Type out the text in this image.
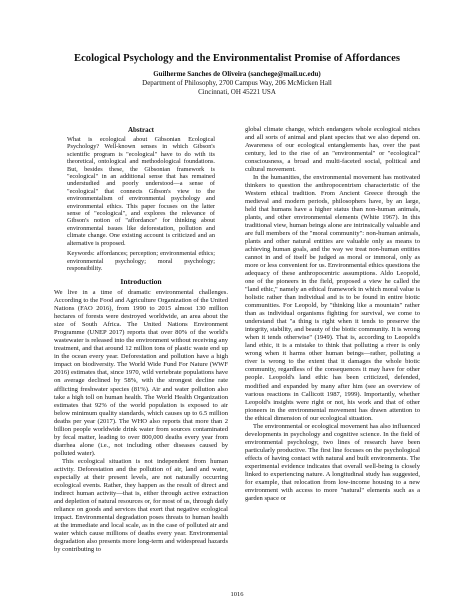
Ecological Psychology and the Environmentalist Promise of Affordances
Guilherme Sanches de Oliveira (sanchege@mail.uc.edu)
Department of Philosophy, 2700 Campus Way, 206 McMicken Hall
Cincinnati, OH 45221 USA
Abstract

What is ecological about Gibsonian Ecological Psychology? Well-known senses in which Gibson's scientific program is "ecological" have to do with its theoretical, ontological and methodological foundations. But, besides these, the Gibsonian framework is "ecological" in an additional sense that has remained understudied and poorly understood—a sense of "ecological" that connects Gibson's view to the environmentalism of environmental psychology and environmental ethics. This paper focuses on the latter sense of "ecological", and explores the relevance of Gibson's notion of "affordance" for thinking about environmental issues like deforestation, pollution and climate change. One existing account is criticized and an alternative is proposed.

Keywords: affordances; perception; environmental ethics; environmental psychology; moral psychology; responsibility.
Introduction

We live in a time of dramatic environmental challenges. According to the Food and Agriculture Organization of the United Nations (FAO 2016), from 1990 to 2015 almost 130 million hectares of forests were destroyed worldwide, an area about the size of South Africa. The United Nations Environment Programme (UNEP 2017) reports that over 80% of the world's wastewater is released into the environment without receiving any treatment, and that around 12 million tons of plastic waste end up in the ocean every year. Deforestation and pollution have a high impact on biodiversity. The World Wide Fund For Nature (WWF 2016) estimates that, since 1970, wild vertebrate populations have on average declined by 58%, with the strongest decline rate afflicting freshwater species (81%). Air and water pollution also take a high toll on human health. The World Health Organization estimates that 92% of the world population is exposed to air below minimum quality standards, which causes up to 6.5 million deaths per year (2017). The WHO also reports that more than 2 billion people worldwide drink water from sources contaminated by fecal matter, leading to over 800,000 deaths every year from diarrhea alone (i.e., not including other diseases caused by polluted water).

This ecological situation is not independent from human activity. Deforestation and the pollution of air, land and water, especially at their present levels, are not naturally occurring ecological events. Rather, they happen as the result of direct and indirect human activity—that is, either through active extraction and depletion of natural resources or, for most of us, through daily reliance on goods and services that exert that negative ecological impact. Environmental degradation poses threats to human health at the immediate and local scale, as in the case of polluted air and water which cause millions of deaths every year. Environmental degradation also presents more long-term and widespread hazards by contributing to

global climate change, which endangers whole ecological niches and all sorts of animal and plant species that we also depend on. Awareness of our ecological entanglements has, over the past century, led to the rise of an "environmental" or "ecological" consciousness, a broad and multi-faceted social, political and cultural movement.

In the humanities, the environmental movement has motivated thinkers to question the anthropocentrism characteristic of the Western ethical tradition. From Ancient Greece through the medieval and modern periods, philosophers have, by an large, held that humans have a higher status than non-human animals, plants, and other environmental elements (White 1967). In this traditional view, human beings alone are intrinsically valuable and are full members of the "moral community": non-human animals, plants and other natural entities are valuable only as means to achieving human goals, and the way we treat non-human entities cannot in and of itself be judged as moral or immoral, only as more or less convenient for us. Environmental ethics questions the adequacy of these anthropocentric assumptions. Aldo Leopold, one of the pioneers in the field, proposed a view he called the "land ethic," namely an ethical framework in which moral value is holistic rather than individual and is to be found in entire biotic communities. For Leopold, by "thinking like a mountain" rather than as individual organisms fighting for survival, we come to understand that "a thing is right when it tends to preserve the integrity, stability, and beauty of the biotic community. It is wrong when it tends otherwise" (1949). That is, according to Leopold's land ethic, it is a mistake to think that polluting a river is only wrong when it harms other human beings—rather, polluting a river is wrong to the extent that it damages the whole biotic community, regardless of the consequences it may have for other people. Leopold's land ethic has been criticized, defended, modified and expanded by many after him (see an overview of various reactions in Callicott 1987, 1999). Importantly, whether Leopold's insights were right or not, his work and that of other pioneers in the environmental movement has drawn attention to the ethical dimension of our ecological situation.

The environmental or ecological movement has also influenced developments in psychology and cognitive science. In the field of environmental psychology, two lines of research have been particularly productive. The first line focuses on the psychological effects of having contact with natural and built environments. The experimental evidence indicates that overall well-being is closely linked to experiencing nature. A longitudinal study has suggested, for example, that relocation from low-income housing to a new environment with access to more "natural" elements such as a garden space or

1016
